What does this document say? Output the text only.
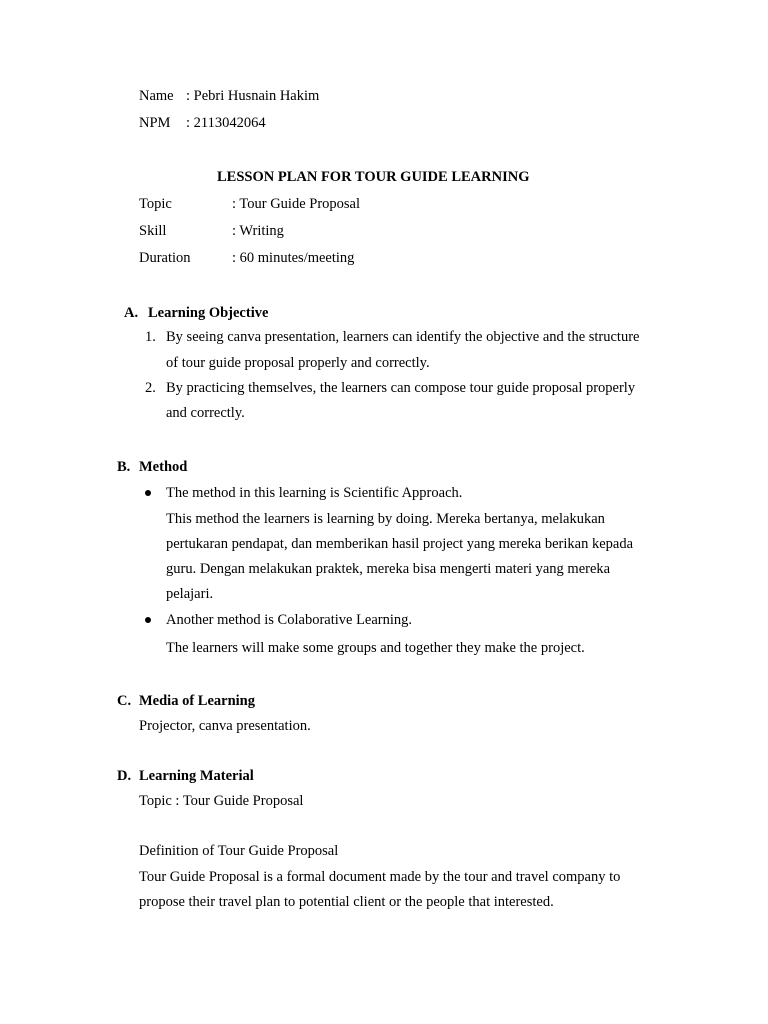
Name : Pebri Husnain Hakim
NPM : 2113042064
LESSON PLAN FOR TOUR GUIDE LEARNING
Topic	: Tour Guide Proposal
Skill	: Writing
Duration	: 60 minutes/meeting
A. Learning Objective
1. By seeing canva presentation, learners can identify the objective and the structure
of tour guide proposal properly and correctly.
2. By practicing themselves, the learners can compose tour guide proposal properly
and correctly.
B. Method
The method in this learning is Scientific Approach.
This method the learners is learning by doing. Mereka bertanya, melakukan
pertukaran pendapat, dan memberikan hasil project yang mereka berikan kepada
guru. Dengan melakukan praktek, mereka bisa mengerti materi yang mereka
pelajari.
Another method is Colaborative Learning.
The learners will make some groups and together they make the project.
C. Media of Learning
Projector, canva presentation.
D. Learning Material
Topic : Tour Guide Proposal
Definition of Tour Guide Proposal
Tour Guide Proposal is a formal document made by the tour and travel company to
propose their travel plan to potential client or the people that interested.
